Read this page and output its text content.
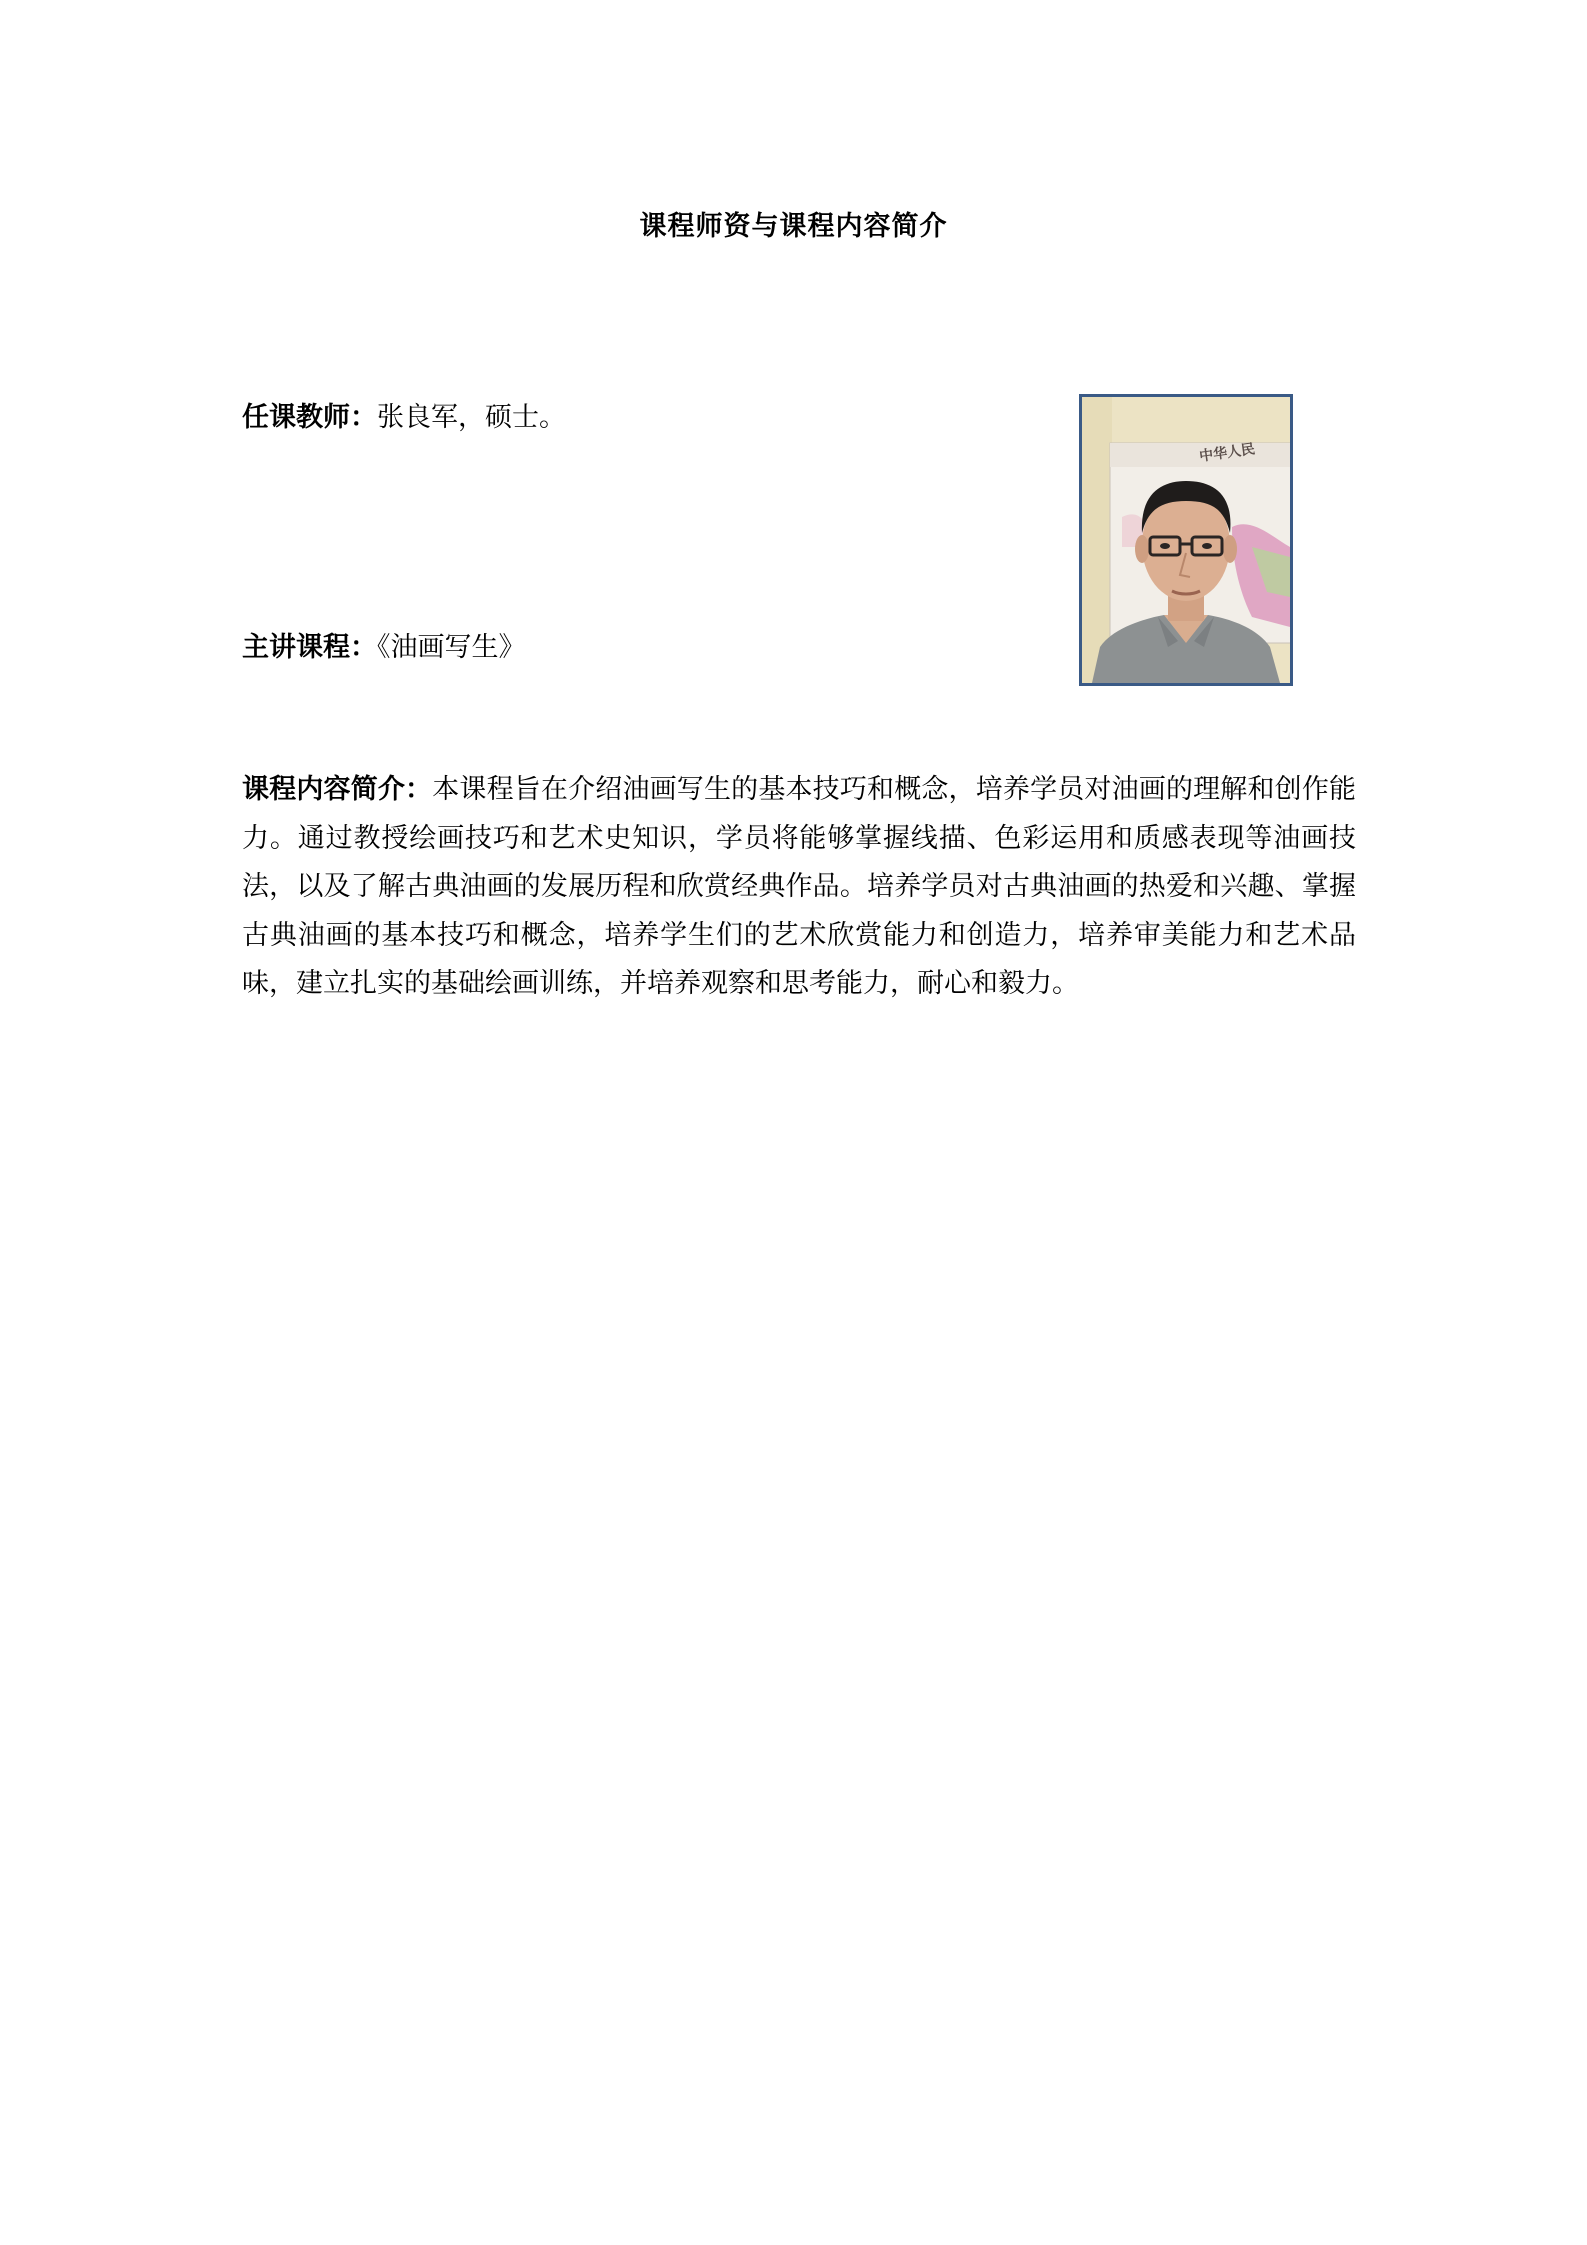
课程师资与课程内容简介
任课教师：张良军，硕士。
主讲课程：《油画写生》
中华人民
课程内容简介：本课程旨在介绍油画写生的基本技巧和概念，培养学员对油画的理解和创作能力。通过教授绘画技巧和艺术史知识，学员将能够掌握线描、色彩运用和质感表现等油画技法，以及了解古典油画的发展历程和欣赏经典作品。培养学员对古典油画的热爱和兴趣、掌握古典油画的基本技巧和概念，培养学生们的艺术欣赏能力和创造力，培养审美能力和艺术品味，建立扎实的基础绘画训练，并培养观察和思考能力，耐心和毅力。
